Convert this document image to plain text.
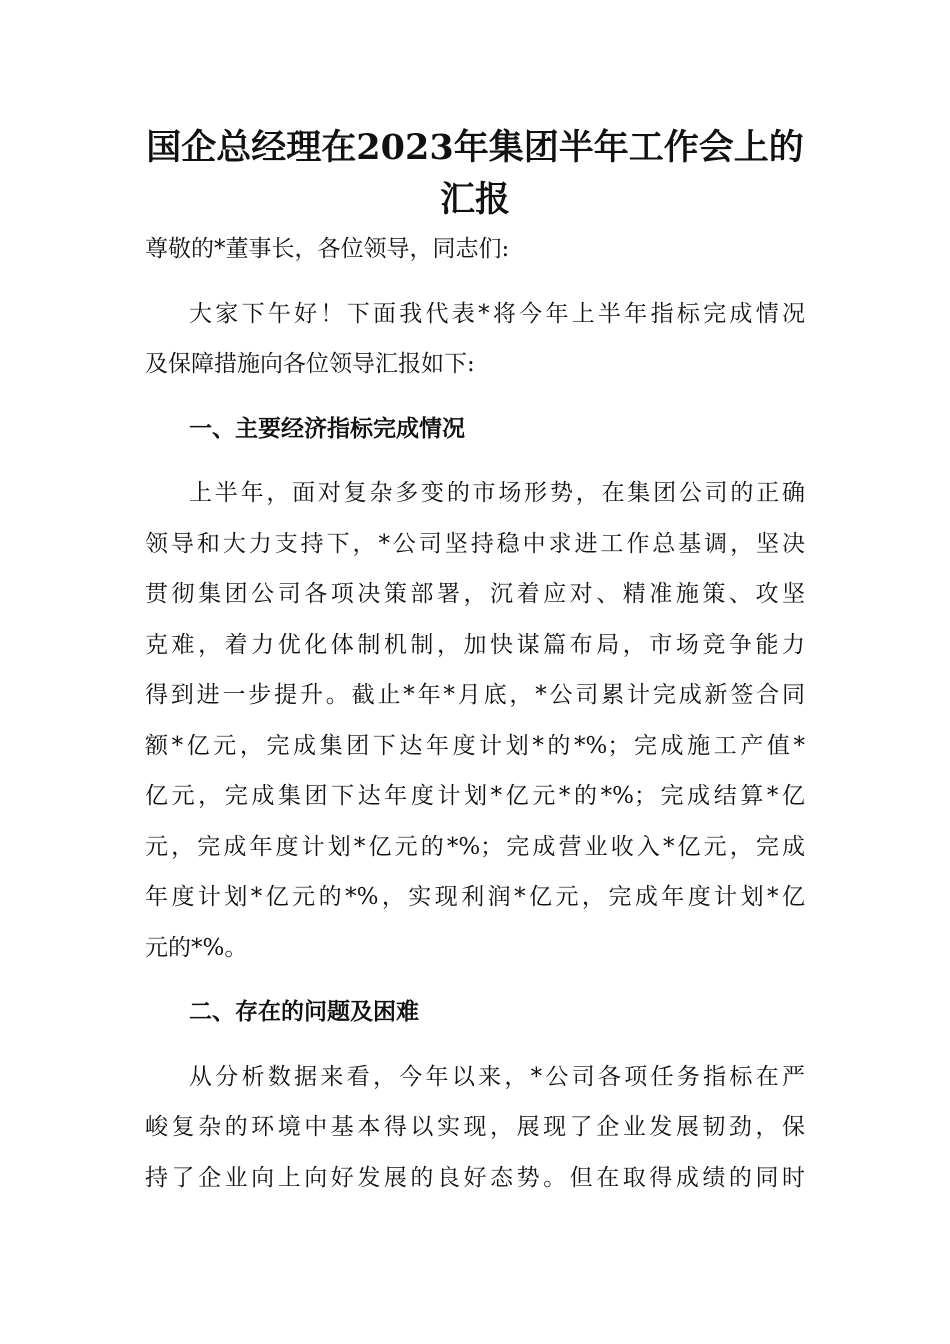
国企总经理在2023年集团半年工作会上的
汇报
尊敬的*董事长，各位领导，同志们:
大家下午好！下面我代表*将今年上半年指标完成情况
及保障措施向各位领导汇报如下:
一、主要经济指标完成情况
上半年，面对复杂多变的市场形势，在集团公司的正确
领导和大力支持下，*公司坚持稳中求进工作总基调，坚决
贯彻集团公司各项决策部署，沉着应对、精准施策、攻坚
克难，着力优化体制机制，加快谋篇布局，市场竞争能力
得到进一步提升。截止*年*月底，*公司累计完成新签合同
额*亿元，完成集团下达年度计划*的*%；完成施工产值*
亿元，完成集团下达年度计划*亿元*的*%；完成结算*亿
元，完成年度计划*亿元的*%；完成营业收入*亿元，完成
年度计划*亿元的*%，实现利润*亿元，完成年度计划*亿
元的*%。
二、存在的问题及困难
从分析数据来看，今年以来，*公司各项任务指标在严
峻复杂的环境中基本得以实现，展现了企业发展韧劲，保
持了企业向上向好发展的良好态势。但在取得成绩的同时
